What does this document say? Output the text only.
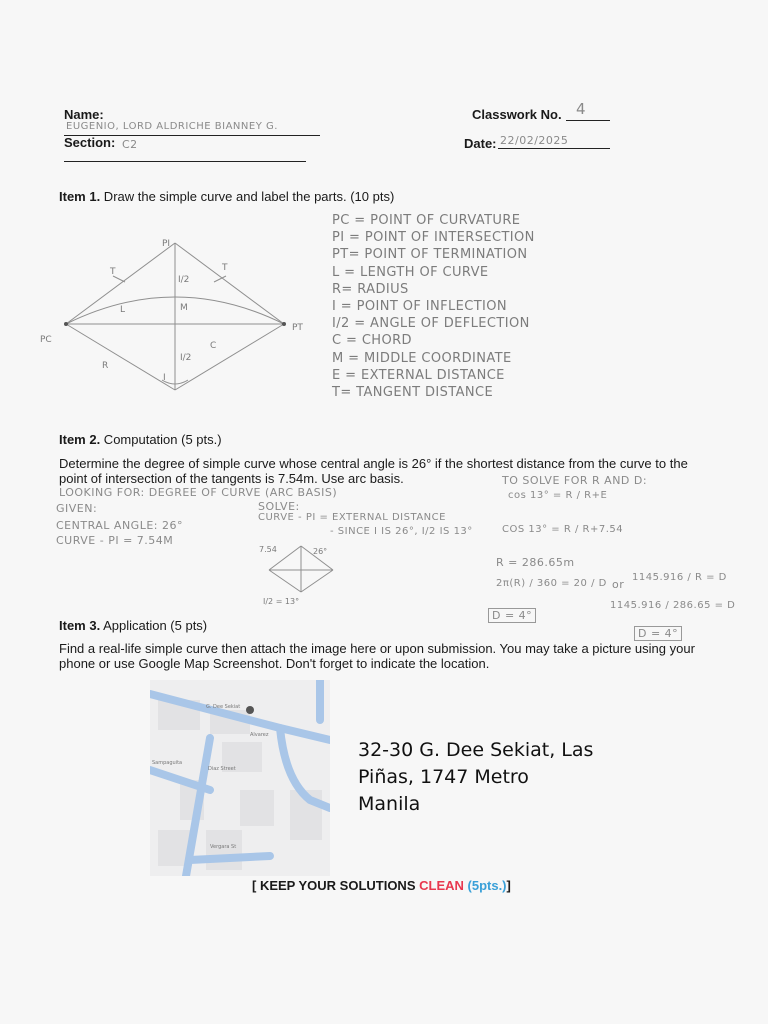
Name:
EUGENIO, LORD ALDRICHE BIANNEY G.
Section: C2
Classwork No. 4
Date: 22/02/2025
Item 1. Draw the simple curve and label the parts. (10 pts)
PI
PC
PT
T	T
L	M
C
R
I/2
I/2
I
PC = POINT OF CURVATURE
PI = POINT OF INTERSECTION
PT= POINT OF TERMINATION
L = LENGTH OF CURVE
R= RADIUS
I = POINT OF INFLECTION
I/2 = ANGLE OF DEFLECTION
C = CHORD
M = MIDDLE COORDINATE
E = EXTERNAL DISTANCE
T= TANGENT DISTANCE
Item 2. Computation (5 pts.)
Determine the degree of simple curve whose central angle is 26° if the shortest distance from the curve to the point of intersection of the tangents is 7.54m. Use arc basis.
LOOKING FOR: DEGREE OF CURVE (ARC BASIS)
GIVEN:
CENTRAL ANGLE: 26°
CURVE - PI = 7.54M
SOLVE:
CURVE - PI = EXTERNAL DISTANCE
- SINCE I IS 26°, I/2 IS 13°
7.54	26°
I/2 = 13°
TO SOLVE FOR R AND D:
cos 13° = R / R+E
COS 13° = R / R+7.54
R = 286.65m
2π(R) / 360 = 20 / D or
1145.916 / R = D
1145.916 / 286.65 = D
D = 4°
D = 4°
Item 3. Application (5 pts)
Find a real-life simple curve then attach the image here or upon submission. You may take a picture using your phone or use Google Map Screenshot. Don't forget to indicate the location.
G. Dee Sekiat
Alvarez
Diaz Street
Sampaguita
Vergara St
32-30 G. Dee Sekiat, Las
Piñas, 1747 Metro
Manila
[ KEEP YOUR SOLUTIONS CLEAN (5pts.)]
